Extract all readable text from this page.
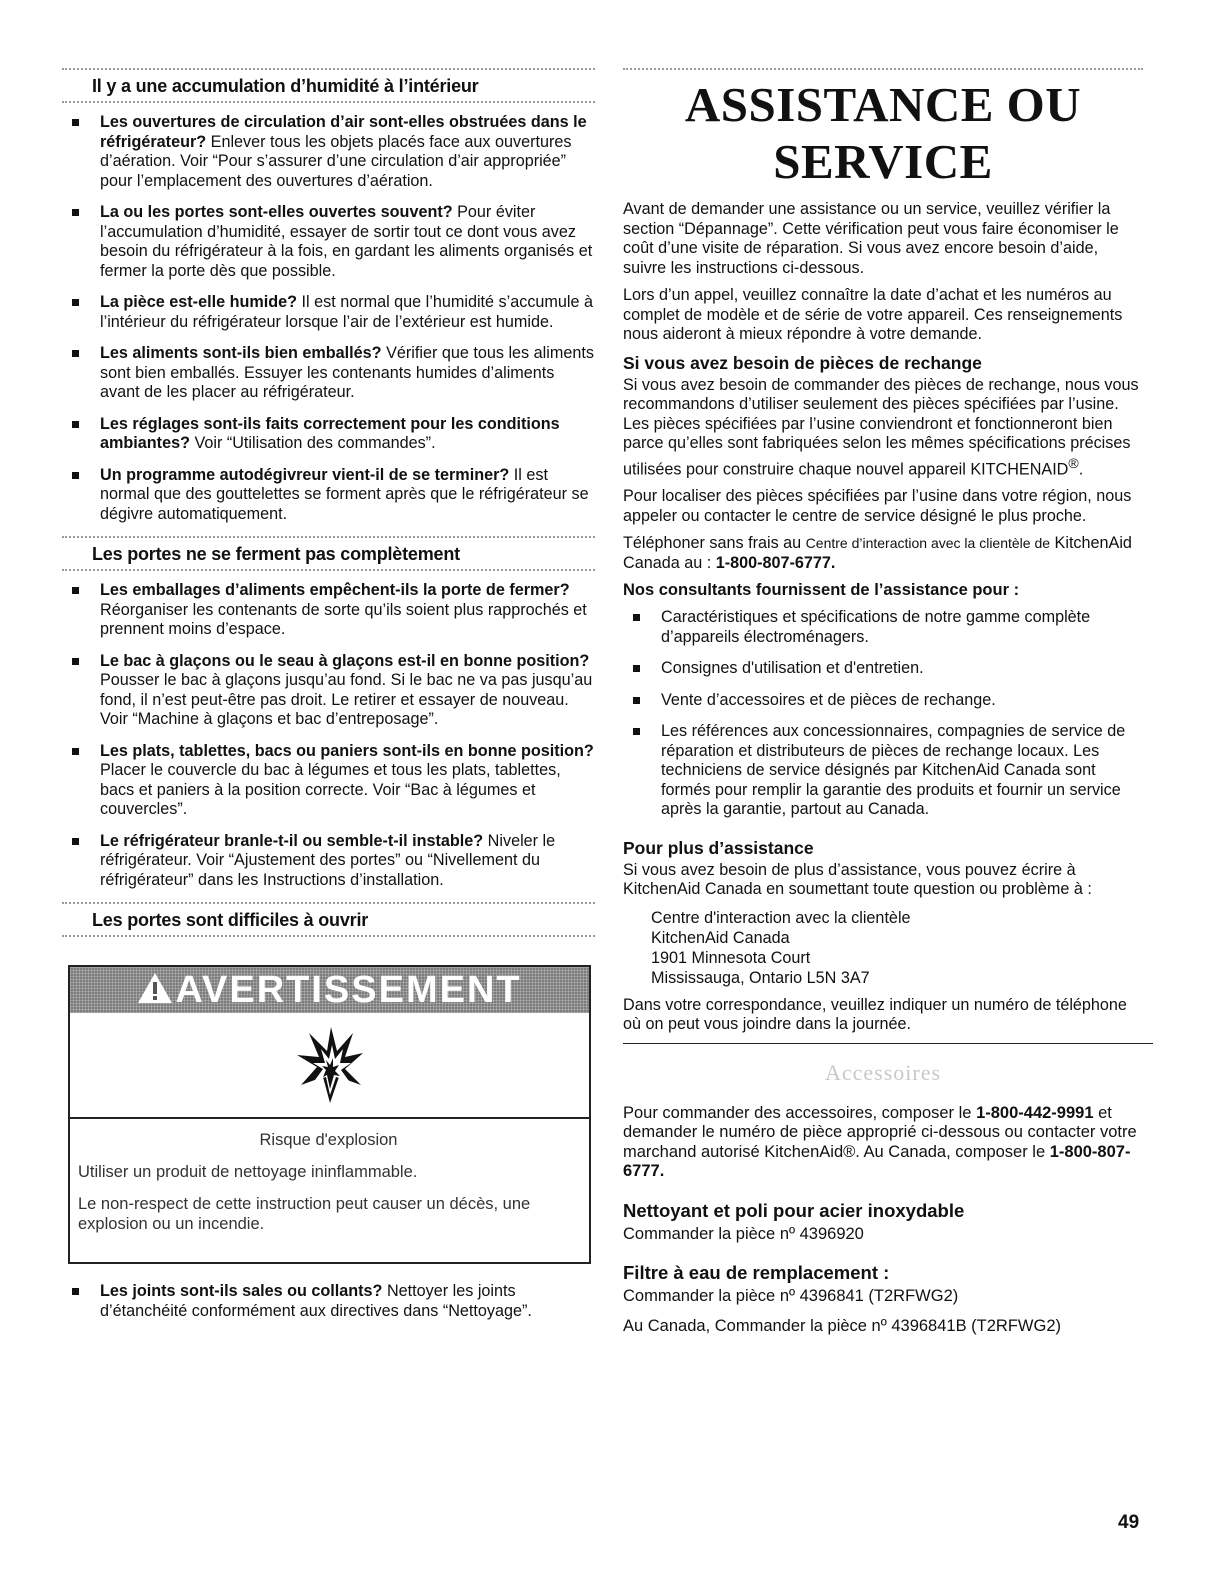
Il y a une accumulation d’humidité à l’intérieur
Les ouvertures de circulation d’air sont-elles obstruées dans le réfrigérateur? Enlever tous les objets placés face aux ouvertures d’aération. Voir “Pour s’assurer d’une circulation d’air appropriée” pour l’emplacement des ouvertures d’aération.
La ou les portes sont-elles ouvertes souvent? Pour éviter l’accumulation d’humidité, essayer de sortir tout ce dont vous avez besoin du réfrigérateur à la fois, en gardant les aliments organisés et fermer la porte dès que possible.
La pièce est-elle humide? Il est normal que l’humidité s’accumule à l’intérieur du réfrigérateur lorsque l’air de l’extérieur est humide.
Les aliments sont-ils bien emballés? Vérifier que tous les aliments sont bien emballés. Essuyer les contenants humides d’aliments avant de les placer au réfrigérateur.
Les réglages sont-ils faits correctement pour les conditions ambiantes? Voir “Utilisation des commandes”.
Un programme autodégivreur vient-il de se terminer? Il est normal que des gouttelettes se forment après que le réfrigérateur se dégivre automatiquement.
Les portes ne se ferment pas complètement
Les emballages d’aliments empêchent-ils la porte de fermer? Réorganiser les contenants de sorte qu’ils soient plus rapprochés et prennent moins d’espace.
Le bac à glaçons ou le seau à glaçons est-il en bonne position? Pousser le bac à glaçons jusqu’au fond. Si le bac ne va pas jusqu’au fond, il n’est peut-être pas droit. Le retirer et essayer de nouveau. Voir “Machine à glaçons et bac d’entreposage”.
Les plats, tablettes, bacs ou paniers sont-ils en bonne position? Placer le couvercle du bac à légumes et tous les plats, tablettes, bacs et paniers à la position correcte. Voir “Bac à légumes et couvercles”.
Le réfrigérateur branle-t-il ou semble-t-il instable? Niveler le réfrigérateur. Voir “Ajustement des portes” ou “Nivellement du réfrigérateur” dans les Instructions d’installation.
Les portes sont difficiles à ouvrir
AVERTISSEMENT

Risque d'explosion

Utiliser un produit de nettoyage ininflammable.

Le non-respect de cette instruction peut causer un décès, une explosion ou un incendie.

Les joints sont-ils sales ou collants? Nettoyer les joints d’étanchéité conformément aux directives dans “Nettoyage”.
ASSISTANCE OU SERVICE

Avant de demander une assistance ou un service, veuillez vérifier la section “Dépannage”. Cette vérification peut vous faire économiser le coût d’une visite de réparation. Si vous avez encore besoin d’aide, suivre les instructions ci-dessous.

Lors d’un appel, veuillez connaître la date d’achat et les numéros au complet de modèle et de série de votre appareil. Ces renseignements nous aideront à mieux répondre à votre demande.

Si vous avez besoin de pièces de rechange

Si vous avez besoin de commander des pièces de rechange, nous vous recommandons d’utiliser seulement des pièces spécifiées par l’usine. Les pièces spécifiées par l’usine conviendront et fonctionneront bien parce qu’elles sont fabriquées selon les mêmes spécifications précises utilisées pour construire chaque nouvel appareil KITCHENAID®.

Pour localiser des pièces spécifiées par l’usine dans votre région, nous appeler ou contacter le centre de service désigné le plus proche.

Téléphoner sans frais au Centre d’interaction avec la clientèle de KitchenAid Canada au : 1-800-807-6777.

Nos consultants fournissent de l’assistance pour :
Caractéristiques et spécifications de notre gamme complète d’appareils électroménagers.
Consignes d'utilisation et d'entretien.
Vente d’accessoires et de pièces de rechange.
Les références aux concessionnaires, compagnies de service de réparation et distributeurs de pièces de rechange locaux. Les techniciens de service désignés par KitchenAid Canada sont formés pour remplir la garantie des produits et fournir un service après la garantie, partout au Canada.
Pour plus d’assistance

Si vous avez besoin de plus d’assistance, vous pouvez écrire à KitchenAid Canada en soumettant toute question ou problème à :

Centre d'interaction avec la clientèle
KitchenAid Canada
1901 Minnesota Court
Mississauga, Ontario L5N 3A7

Dans votre correspondance, veuillez indiquer un numéro de téléphone où on peut vous joindre dans la journée.

Accessoires

Pour commander des accessoires, composer le 1-800-442-9991 et demander le numéro de pièce approprié ci-dessous ou contacter votre marchand autorisé KitchenAid®. Au Canada, composer le 1-800-807-6777.

Nettoyant et poli pour acier inoxydable

Commander la pièce nº 4396920

Filtre à eau de remplacement :

Commander la pièce nº 4396841 (T2RFWG2)

Au Canada, Commander la pièce nº 4396841B (T2RFWG2)

49
